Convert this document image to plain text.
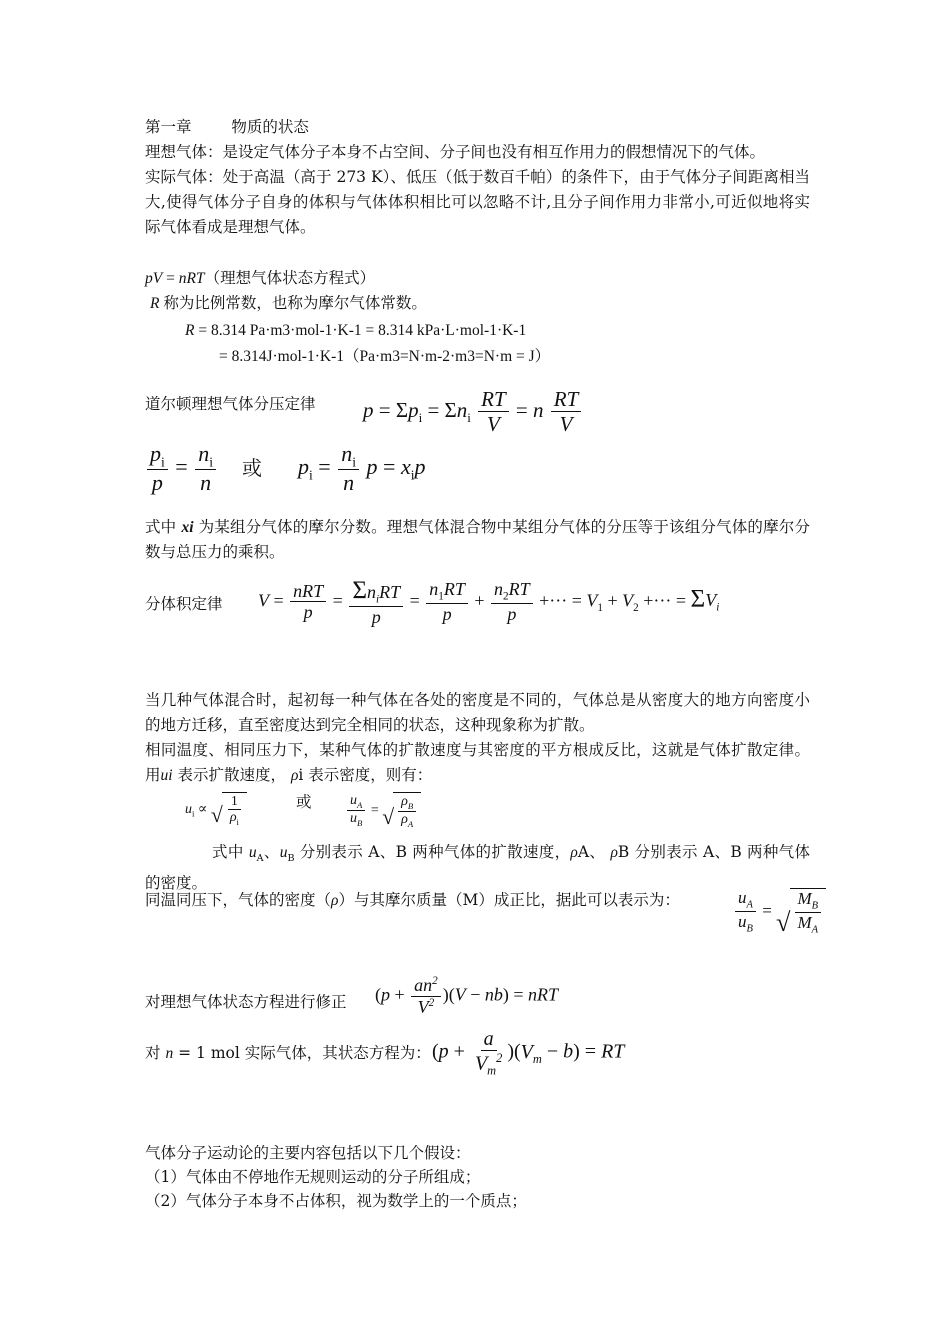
第一章	物质的状态
理想气体：是设定气体分子本身不占空间、分子间也没有相互作用力的假想情况下的气体。
实际气体：处于高温（高于 273 K）、低压（低于数百千帕）的条件下，由于气体分子间距离相当大,使得气体分子自身的体积与气体体积相比可以忽略不计,且分子间作用力非常小,可近似地将实际气体看成是理想气体。
pV = nRT（理想气体状态方程式）
R 称为比例常数，也称为摩尔气体常数。
R = 8.314 Pa·m3·mol-1·K-1 = 8.314 kPa·L·mol-1·K-1
= 8.314J·mol-1·K-1（Pa·m3=N·m-2·m3=N·m = J）
道尔顿理想气体分压定律 $p = \Sigma p_i = \Sigma n_i \frac{RT}{V} = n \frac{RT}{V}$
$\frac{p_i}{p} = \frac{n_i}{n}$ 或 $p_i = \frac{n_i}{n}$ $p = x_ip$
式中 xi 为某组分气体的摩尔分数。理想气体混合物中某组分气体的分压等于该组分气体的摩尔分数与总压力的乘积。
分体积定律 $V = \frac{\text{nRT}}{p} = \frac{\Sigma n_iRT}{p} = \frac{n_1RT}{p} + \frac{n_2RT}{p}$ +··· = $V_1 + V_2$ +··· = $\Sigma V_i$
当几种气体混合时，起初每一种气体在各处的密度是不同的，气体总是从密度大的地方向密度小的地方迁移，直至密度达到完全相同的状态，这种现象称为扩散。
相同温度、相同压力下，某种气体的扩散速度与其密度的平方根成反比，这就是气体扩散定律。用ui 表示扩散速度， ρi 表示密度，则有：
$u_i$ ∝ √ $\frac{1}{\rho_i}$	或	$\frac{u_A}{u_B}$ = √ $\frac{\rho_B}{\rho_A}$
式中 $u_A$、$u_B$ 分别表示 A、B 两种气体的扩散速度，ρA、 ρB 分别表示 A、B 两种气体的密度。
同温同压下，气体的密度（ρ）与其摩尔质量（M）成正比，据此可以表示为：	$\frac{u_A}{u_B}$ = √ $\frac{M_B}{M_A}$
对理想气体状态方程进行修正 $(p + \frac{an^2}{V^2} )(V - nb)$ = nRT
对 n = 1 mol 实际气体，其状态方程为： $(p + \frac{a}{V_m^2} )(V_m - b)$ = RT
气体分子运动论的主要内容包括以下几个假设：
（1）气体由不停地作无规则运动的分子所组成；
（2）气体分子本身不占体积，视为数学上的一个质点；
